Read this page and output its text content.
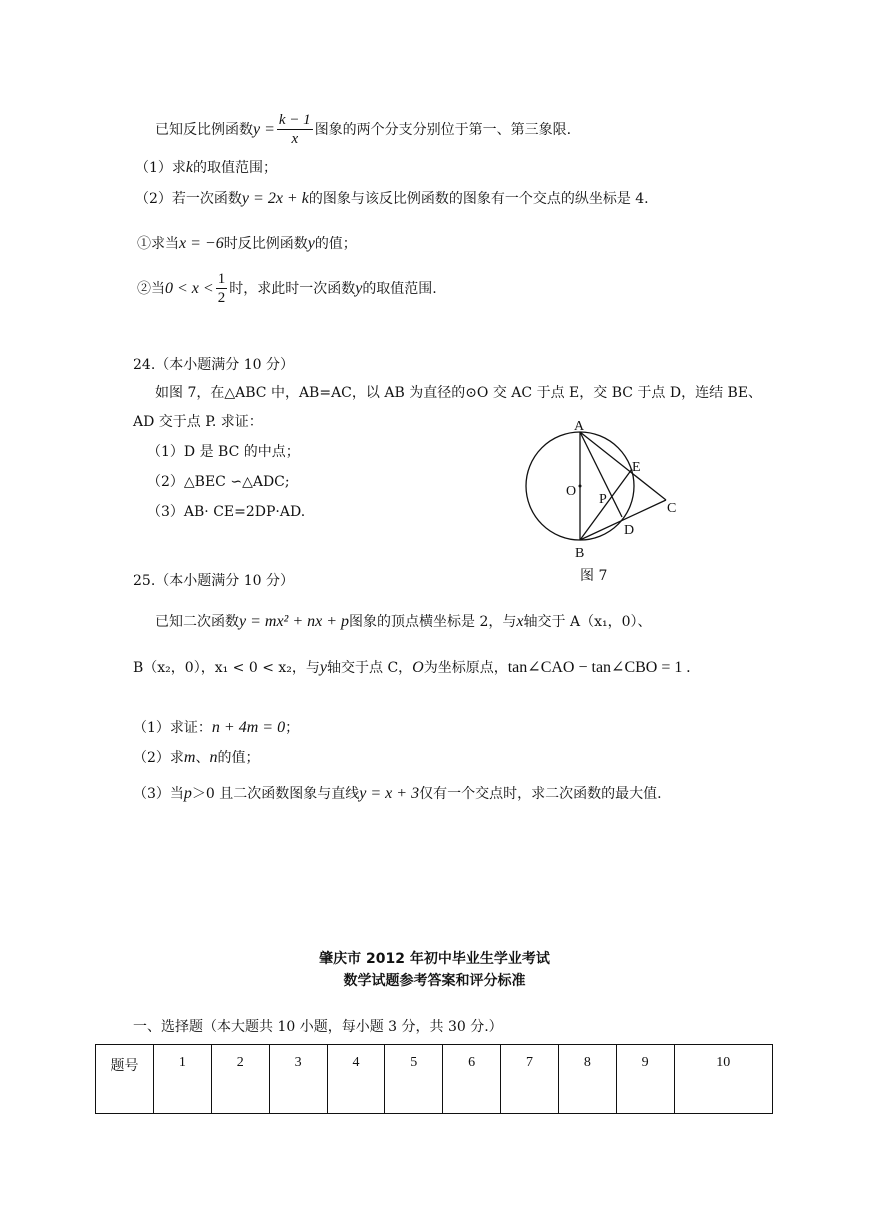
已知反比例函数$y = \frac{k - 1}{x}$ 图象的两个分支分别位于第一、第三象限.
（1）求k的取值范围；
（2）若一次函数y = 2x + k的图象与该反比例函数的图象有一个交点的纵坐标是 4.
①求当x = −6时反比例函数y的值；
②当$0 < x < \frac{1}{2}$ 时，求此时一次函数y的取值范围.
24.（本小题满分 10 分）
如图 7，在△ABC 中，AB=AC，以 AB 为直径的⊙O 交 AC 于点 E，交 BC 于点 D，连结 BE、
AD 交于点 P. 求证：
（1）D 是 BC 的中点；
（2）△BEC ∽△ADC;
（3）AB· CE=2DP·AD.
A
B
C
D
E
O
P
图 7
25.（本小题满分 10 分）
已知二次函数y = mx² + nx + p图象的顶点横坐标是 2，与x轴交于 A（x₁，0）、
B（x₂，0），x₁ < 0 < x₂，与y轴交于点 C，O为坐标原点，tan∠CAO − tan∠CBO = 1 .
（1）求证：n + 4m = 0；
（2）求m、n的值；
（3）当p＞0 且二次函数图象与直线y = x + 3仅有一个交点时，求二次函数的最大值.
肇庆市 2012 年初中毕业生学业考试
数学试题参考答案和评分标准
一、选择题（本大题共 10 小题，每小题 3 分，共 30 分.）
题号	1	2	3	4	5	6	7	8	9	10
